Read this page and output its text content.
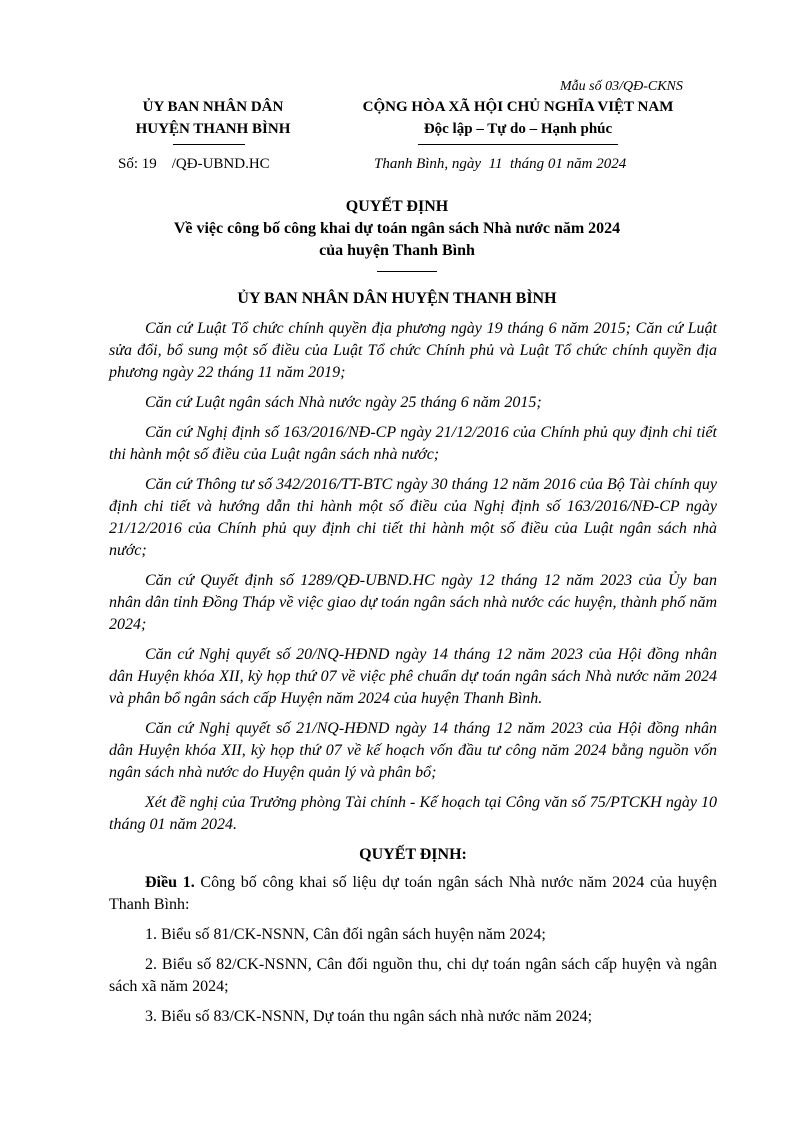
Mẫu số 03/QĐ-CKNS
ỦY BAN NHÂN DÂN
HUYỆN THANH BÌNH
CỘNG HÒA XÃ HỘI CHỦ NGHĨA VIỆT NAM
Độc lập – Tự do – Hạnh phúc
Số: 19    /QĐ-UBND.HC	Thanh Bình, ngày  11  tháng 01 năm 2024
QUYẾT ĐỊNH
Về việc công bố công khai dự toán ngân sách Nhà nước năm 2024
của huyện Thanh Bình
ỦY BAN NHÂN DÂN HUYỆN THANH BÌNH

Căn cứ Luật Tổ chức chính quyền địa phương ngày 19 tháng 6 năm 2015; Căn cứ Luật sửa đổi, bổ sung một số điều của Luật Tổ chức Chính phủ và Luật Tổ chức chính quyền địa phương ngày 22 tháng 11 năm 2019;

Căn cứ Luật ngân sách Nhà nước ngày 25 tháng 6 năm 2015;

Căn cứ Nghị định số 163/2016/NĐ-CP ngày 21/12/2016 của Chính phủ quy định chi tiết thi hành một số điều của Luật ngân sách nhà nước;

Căn cứ Thông tư số 342/2016/TT-BTC ngày 30 tháng 12 năm 2016 của Bộ Tài chính quy định chi tiết và hướng dẫn thi hành một số điều của Nghị định số 163/2016/NĐ-CP ngày 21/12/2016 của Chính phủ quy định chi tiết thi hành một số điều của Luật ngân sách nhà nước;

Căn cứ Quyết định số 1289/QĐ-UBND.HC ngày 12 tháng 12 năm 2023 của Ủy ban nhân dân tỉnh Đồng Tháp về việc giao dự toán ngân sách nhà nước các huyện, thành phố năm 2024;

Căn cứ Nghị quyết số 20/NQ-HĐND ngày 14 tháng 12 năm 2023 của Hội đồng nhân dân Huyện khóa XII, kỳ họp thứ 07 về việc phê chuẩn dự toán ngân sách Nhà nước năm 2024 và phân bổ ngân sách cấp Huyện năm 2024 của huyện Thanh Bình.

Căn cứ Nghị quyết số 21/NQ-HĐND ngày 14 tháng 12 năm 2023 của Hội đồng nhân dân Huyện khóa XII, kỳ họp thứ 07 về kế hoạch vốn đầu tư công năm 2024 bằng nguồn vốn ngân sách nhà nước do Huyện quản lý và phân bổ;

Xét đề nghị của Trưởng phòng Tài chính - Kế hoạch tại Công văn số 75/PTCKH ngày 10 tháng 01 năm 2024.

QUYẾT ĐỊNH:

Điều 1. Công bố công khai số liệu dự toán ngân sách Nhà nước năm 2024 của huyện Thanh Bình:

1. Biểu số 81/CK-NSNN, Cân đối ngân sách huyện năm 2024;

2. Biểu số 82/CK-NSNN, Cân đối nguồn thu, chi dự toán ngân sách cấp huyện và ngân sách xã năm 2024;

3. Biểu số 83/CK-NSNN, Dự toán thu ngân sách nhà nước năm 2024;
